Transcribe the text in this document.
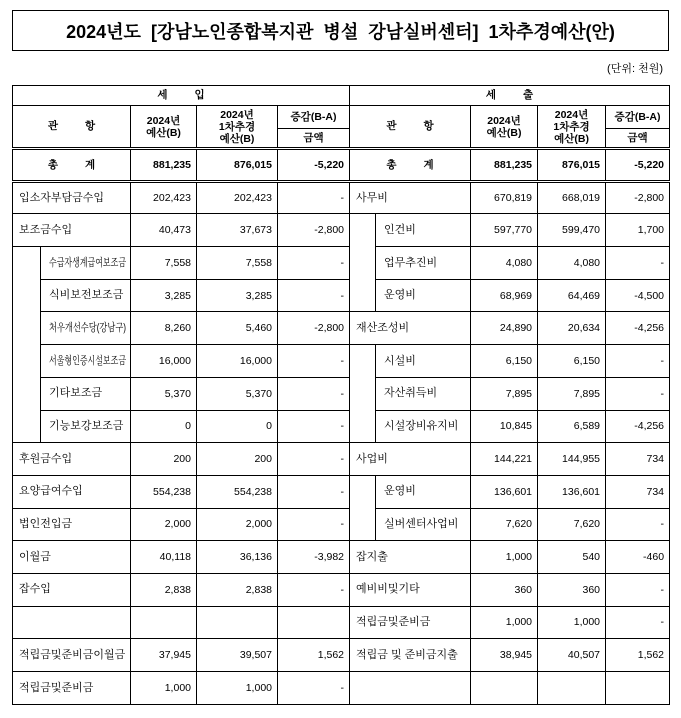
2024년도 [강남노인종합복지관 병설 강남실버센터] 1차추경예산(안)
(단위: 천원)
세 입					세 출				
관 항		2024년
예산(B)	2024년
1차추경
예산(B)	증감(B-A)	관 항		2024년
예산(B)	2024년
1차추경
예산(B)	증감(B-A)
				금액					금액
총 계		881,235	876,015	-5,220	총 계		881,235	876,015	-5,220
입소자부담금수입		202,423	202,423	-	사무비		670,819	668,019	-2,800
보조금수입		40,473	37,673	-2,800		인건비	597,770	599,470	1,700
	수급자생계급여보조금	7,558	7,558	-		업무추진비	4,080	4,080	-
	식비보전보조금	3,285	3,285	-		운영비	68,969	64,469	-4,500
	처우개선수당(강남구)	8,260	5,460	-2,800	재산조성비		24,890	20,634	-4,256
	서울형인증시설보조금	16,000	16,000	-		시설비	6,150	6,150	-
	기타보조금	5,370	5,370	-		자산취득비	7,895	7,895	-
	기능보강보조금	0	0	-		시설장비유지비	10,845	6,589	-4,256
후원금수입		200	200	-	사업비		144,221	144,955	734
요양급여수입		554,238	554,238	-		운영비	136,601	136,601	734
법인전입금		2,000	2,000	-		실버센터사업비	7,620	7,620	-
이월금		40,118	36,136	-3,982	잡지출		1,000	540	-460
잡수입		2,838	2,838	-	예비비및기타		360	360	-
					적립금및준비금		1,000	1,000	-
적립금및준비금이월금		37,945	39,507	1,562	적립금 및 준비금지출		38,945	40,507	1,562
적립금및준비금		1,000	1,000	-					
